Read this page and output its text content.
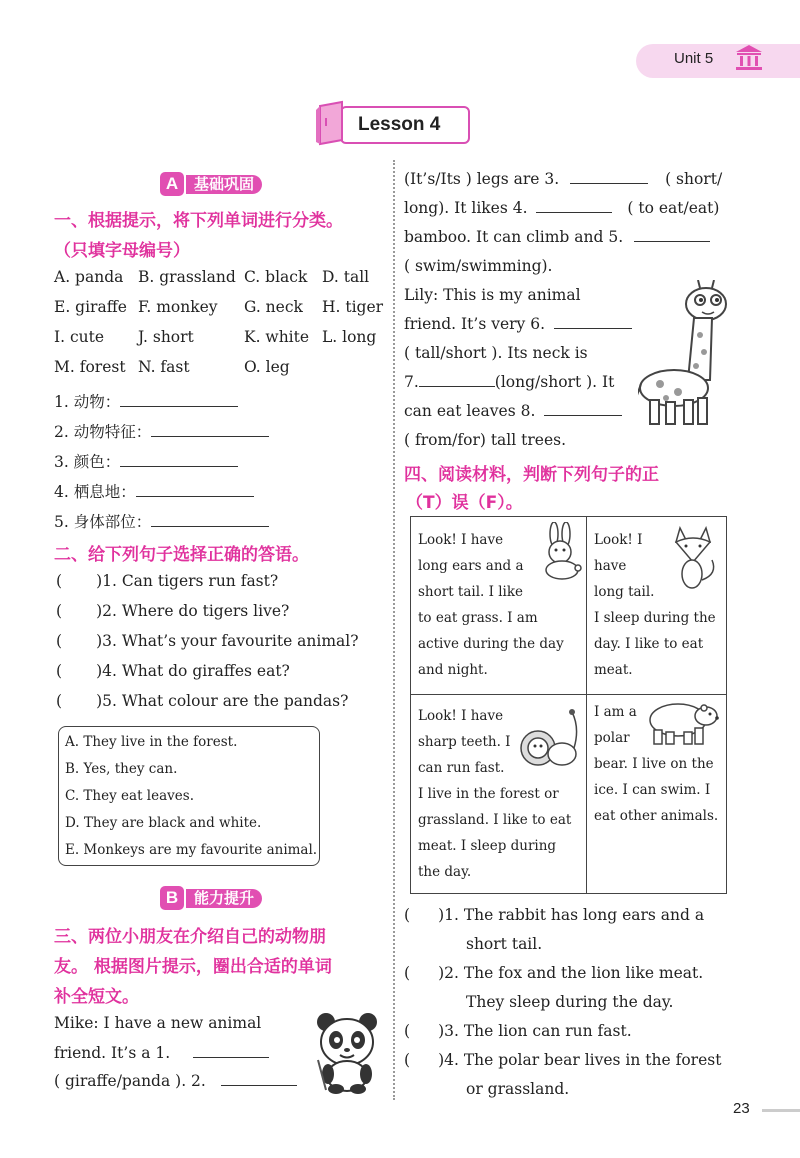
Unit 5
Lesson 4
A	基础巩固
一、根据提示，将下列单词进行分类。
（只填字母编号）
A. panda B. grassland C. black D. tall
E. giraffe F. monkey G. neck H. tiger
I. cute J. short	K. white L. long
M. forest N. fast	O. leg
1. 动物：
2. 动物特征：
3. 颜色：
4. 栖息地：
5. 身体部位：
二、给下列句子选择正确的答语。
( )1. Can tigers run fast?
( )2. Where do tigers live?
( )3. What’s your favourite animal?
( )4. What do giraffes eat?
( )5. What colour are the pandas?
A. They live in the forest.
B. Yes, they can.
C. They eat leaves.
D. They are black and white.
E. Monkeys are my favourite animal.
B	能力提升
三、两位小朋友在介绍自己的动物朋
友。 根据图片提示，圈出合适的单词
补全短文。
Mike: I have a new animal
friend. It’s a 1.
( giraffe/panda ). 2.
(It’s/Its ) legs are 3.	( short/
long). It likes 4.	( to eat/eat)
bamboo. It can climb and 5.
( swim/swimming).
Lily: This is my animal
friend. It’s very 6.
( tall/short ). Its neck is
7.	(long/short ). It
can eat leaves 8.
( from/for) tall trees.
四、阅读材料，判断下列句子的正
（T）误（F）。
Look! I have
long ears and a
short tail. I like
to eat grass. I am
active during the day
and night.
Look! I
have
long tail.
I sleep during the
day. I like to eat
meat.
Look! I have
sharp teeth. I
can run fast.
I live in the forest or
grassland. I like to eat
meat. I sleep during
the day.
I am a
polar
bear. I live on the
ice. I can swim. I
eat other animals.
( )1. The rabbit has long ears and a
short tail.
( )2. The fox and the lion like meat.
They sleep during the day.
( )3. The lion can run fast.
( )4. The polar bear lives in the forest
or grassland.
23
